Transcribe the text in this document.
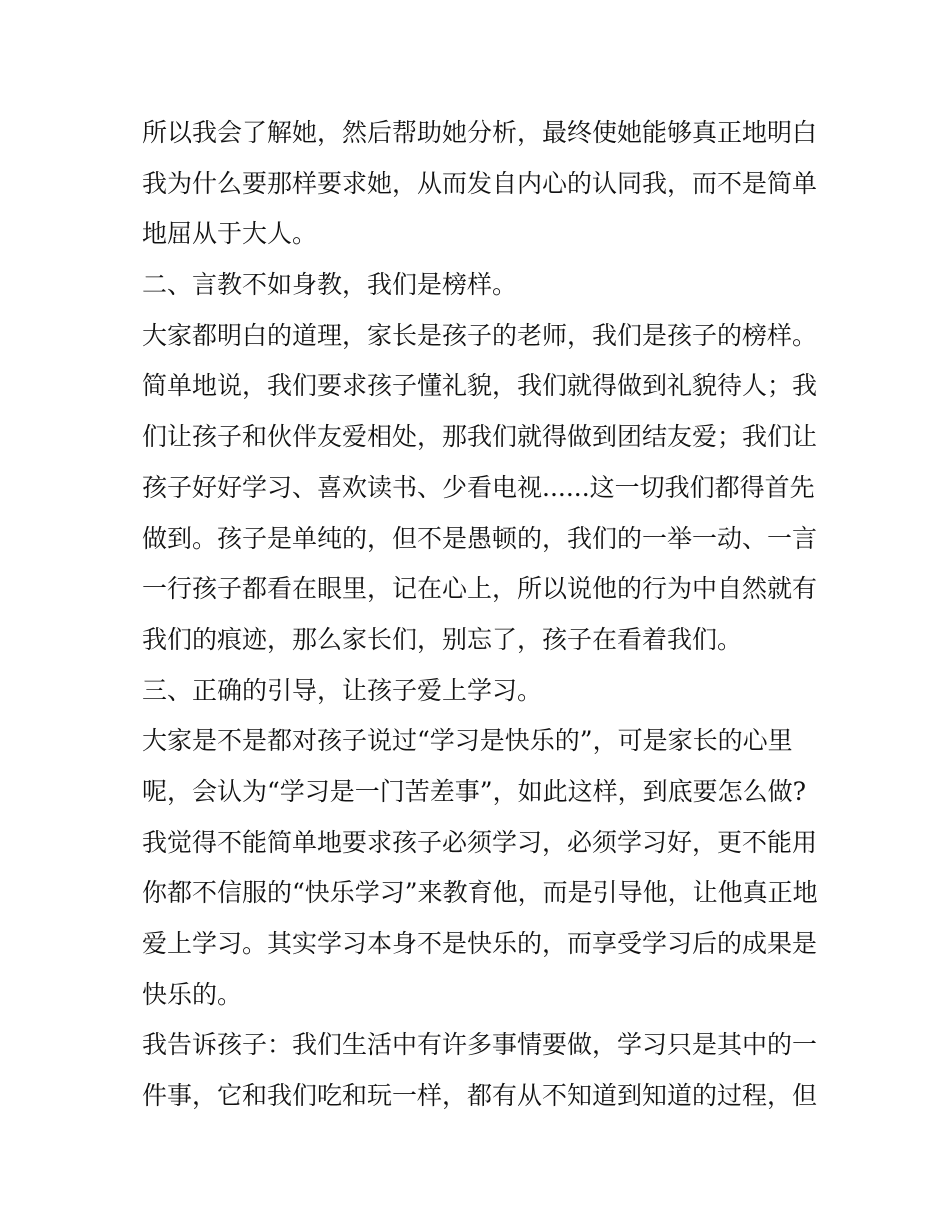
所以我会了解她，然后帮助她分析，最终使她能够真正地明白
我为什么要那样要求她，从而发自内心的认同我，而不是简单
地屈从于大人。
二、言教不如身教，我们是榜样。
大家都明白的道理，家长是孩子的老师，我们是孩子的榜样。
简单地说，我们要求孩子懂礼貌，我们就得做到礼貌待人；我
们让孩子和伙伴友爱相处，那我们就得做到团结友爱；我们让
孩子好好学习、喜欢读书、少看电视......这一切我们都得首先
做到。孩子是单纯的，但不是愚顿的，我们的一举一动、一言
一行孩子都看在眼里，记在心上，所以说他的行为中自然就有
我们的痕迹，那么家长们，别忘了，孩子在看着我们。
三、正确的引导，让孩子爱上学习。
大家是不是都对孩子说过“学习是快乐的”，可是家长的心里
呢，会认为“学习是一门苦差事”，如此这样，到底要怎么做?
我觉得不能简单地要求孩子必须学习，必须学习好，更不能用
你都不信服的“快乐学习”来教育他，而是引导他，让他真正地
爱上学习。其实学习本身不是快乐的，而享受学习后的成果是
快乐的。
我告诉孩子：我们生活中有许多事情要做，学习只是其中的一
件事，它和我们吃和玩一样，都有从不知道到知道的过程，但
